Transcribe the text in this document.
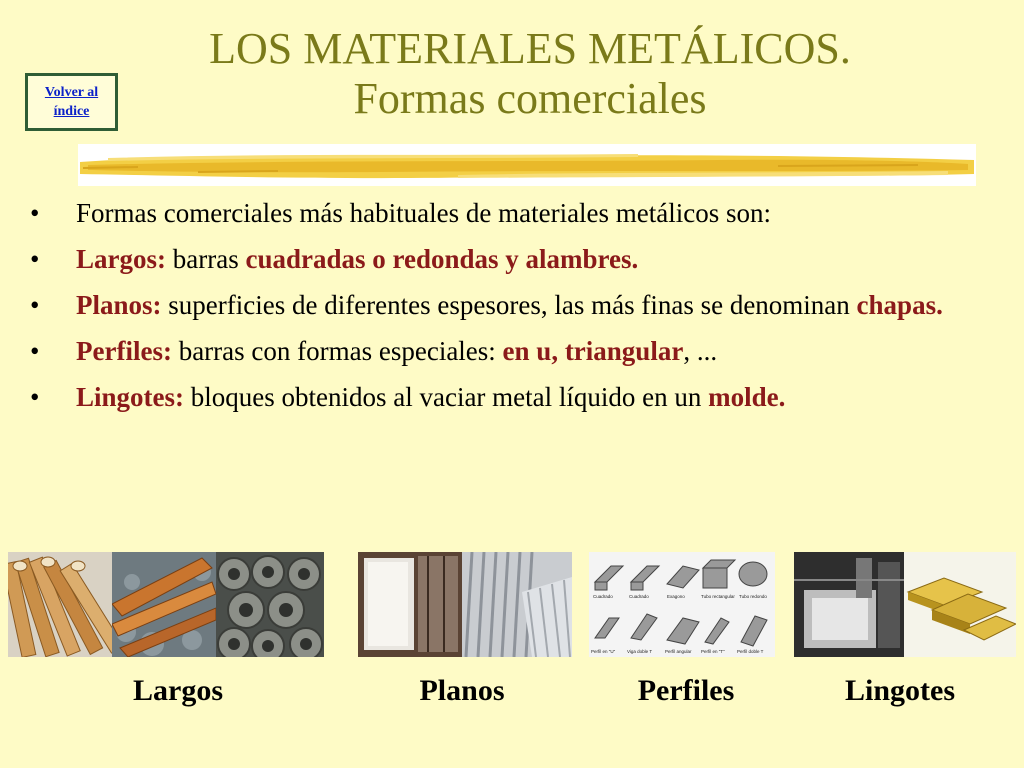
LOS MATERIALES METÁLICOS.
Formas comerciales
Volver al
índice
• Formas comerciales más habituales de materiales metálicos son:
• Largos: barras cuadradas o redondas y alambres.
• Planos: superficies de diferentes espesores, las más finas se denominan chapas.
• Perfiles: barras con formas especiales: en u, triangular, ...
• Lingotes: bloques obtenidos al vaciar metal líquido en un molde.
Cuadrado	Cuadrado	Exagono	Tubo rectangular Tubo redondo
Perfil en "U"	Viga doble T	Perfil angular Perfil en "T"	Perfil doble T
Largos	Planos	Perfiles	Lingotes
